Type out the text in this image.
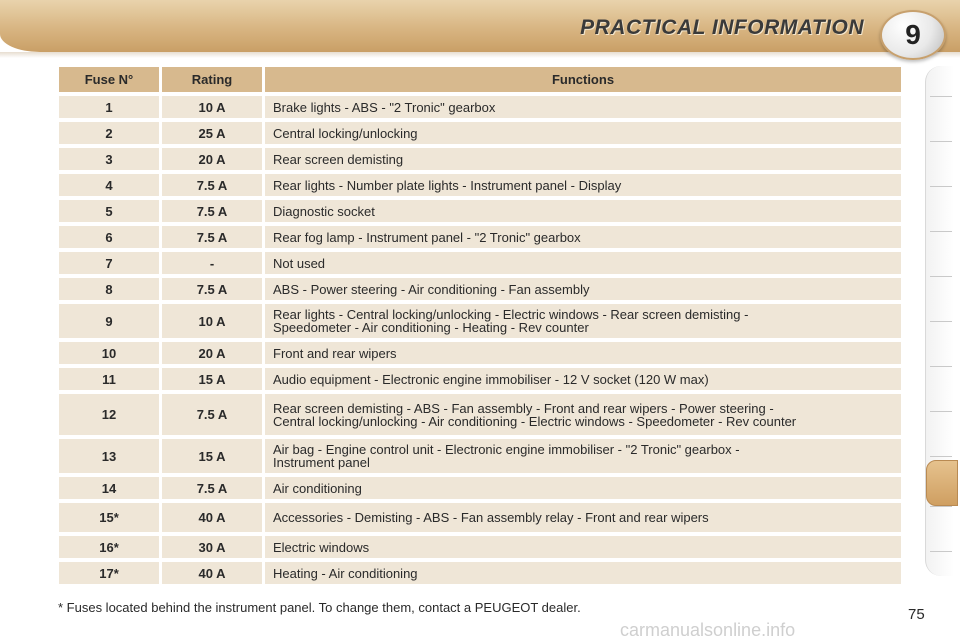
PRACTICAL INFORMATION	9
Fuse N°	Rating	Functions
1	10 A	Brake lights - ABS - "2 Tronic" gearbox
2	25 A	Central locking/unlocking
3	20 A	Rear screen demisting
4	7.5 A	Rear lights - Number plate lights - Instrument panel - Display
5	7.5 A	Diagnostic socket
6	7.5 A	Rear fog lamp - Instrument panel - "2 Tronic" gearbox
7	-	Not used
8	7.5 A	ABS - Power steering - Air conditioning - Fan assembly
9	10 A	Rear lights - Central locking/unlocking - Electric windows - Rear screen demisting -
Speedometer - Air conditioning - Heating - Rev counter
10	20 A	Front and rear wipers
11	15 A	Audio equipment - Electronic engine immobiliser - 12 V socket (120 W max)
12	7.5 A	Rear screen demisting - ABS - Fan assembly - Front and rear wipers - Power steering -
Central locking/unlocking - Air conditioning - Electric windows - Speedometer - Rev counter
13	15 A	Air bag - Engine control unit - Electronic engine immobiliser - "2 Tronic" gearbox -
Instrument panel
14	7.5 A	Air conditioning
15*	40 A	Accessories - Demisting - ABS - Fan assembly relay - Front and rear wipers
16*	30 A	Electric windows
17*	40 A	Heating - Air conditioning
* Fuses located behind the instrument panel. To change them, contact a PEUGEOT dealer.	75
carmanualsonline.info
